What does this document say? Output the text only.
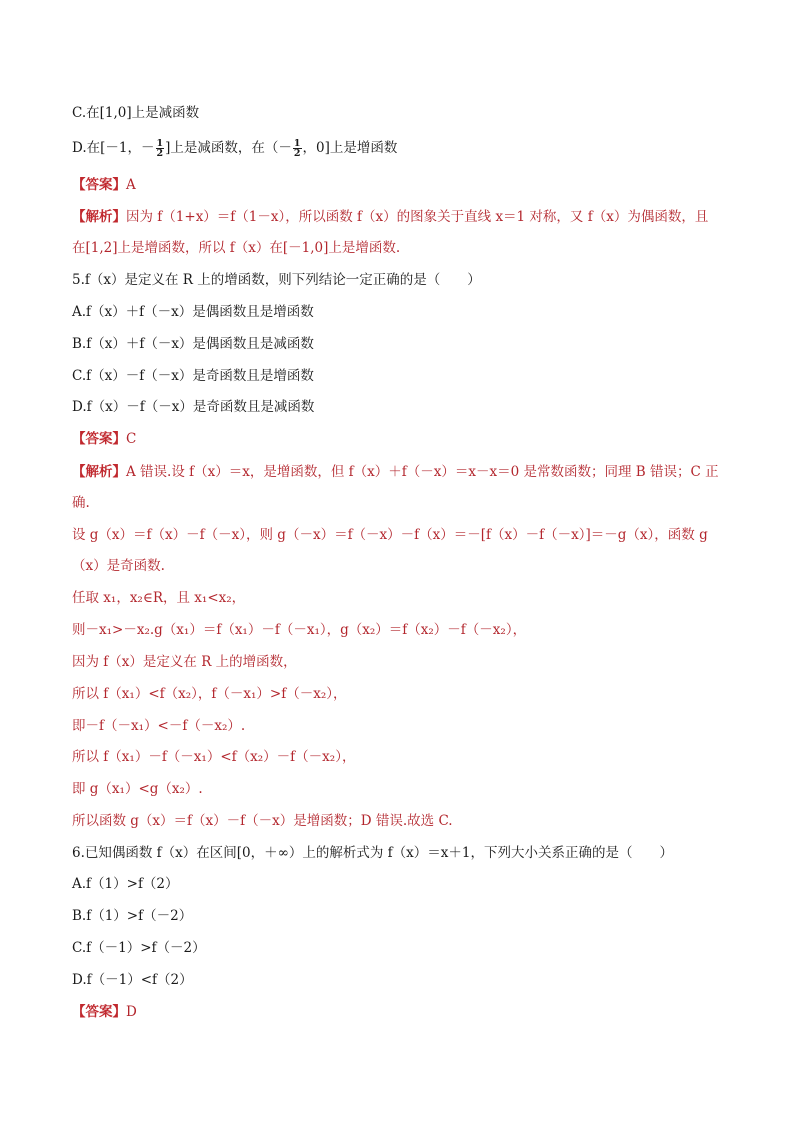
C.在[1,0]上是减函数
D.在[－1，－ $\frac{1}{2}$ ]上是减函数，在（－ $\frac{1}{2}$ ，0]上是增函数
【答案】A
【解析】因为 f（1+x）＝f（1－x），所以函数 f（x）的图象关于直线 x＝1 对称，又 f（x）为偶函数，且
在[1,2]上是增函数，所以 f（x）在[－1,0]上是增函数.
5.f（x）是定义在 R 上的增函数，则下列结论一定正确的是（　　）
A.f（x）＋f（－x）是偶函数且是增函数
B.f（x）＋f（－x）是偶函数且是减函数
C.f（x）－f（－x）是奇函数且是增函数
D.f（x）－f（－x）是奇函数且是减函数
【答案】C
【解析】A 错误.设 f（x）＝x，是增函数，但 f（x）＋f（－x）＝x－x＝0 是常数函数；同理 B 错误；C 正
确.
设 g（x）＝f（x）－f（－x），则 g（－x）＝f（－x）－f（x）＝－[f（x）－f（－x）]＝－g（x），函数 g
（x）是奇函数.
任取 x₁，x₂∈R，且 x₁<x₂，
则－x₁>－x₂.g（x₁）＝f（x₁）－f（－x₁），g（x₂）＝f（x₂）－f（－x₂），
因为 f（x）是定义在 R 上的增函数，
所以 f（x₁）<f（x₂），f（－x₁）>f（－x₂），
即－f（－x₁）<－f（－x₂）.
所以 f（x₁）－f（－x₁）<f（x₂）－f（－x₂），
即 g（x₁）<g（x₂）.
所以函数 g（x）＝f（x）－f（－x）是增函数；D 错误.故选 C.
6.已知偶函数 f（x）在区间[0，＋∞）上的解析式为 f（x）＝x＋1，下列大小关系正确的是（　　）
A.f（1）>f（2）
B.f（1）>f（－2）
C.f（－1）>f（－2）
D.f（－1）<f（2）
【答案】D
